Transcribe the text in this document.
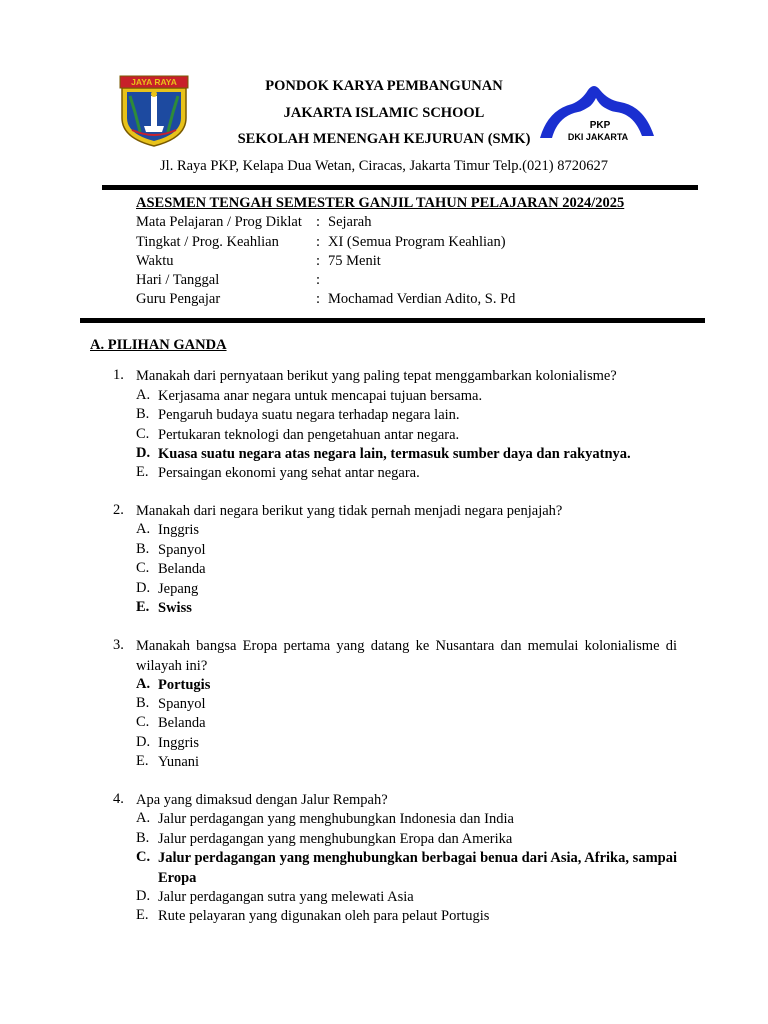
JAYA RAYA
PKP
DKI JAKARTA
PONDOK KARYA PEMBANGUNAN
JAKARTA ISLAMIC SCHOOL
SEKOLAH MENENGAH KEJURUAN (SMK)
Jl. Raya PKP, Kelapa Dua Wetan, Ciracas, Jakarta Timur Telp.(021) 8720627
ASESMEN TENGAH SEMESTER GANJIL TAHUN PELAJARAN 2024/2025
Mata Pelajaran / Prog Diklat : Sejarah
Tingkat / Prog. Keahlian	: XI (Semua Program Keahlian)
Waktu	: 75 Menit
Hari / Tanggal	:
Guru Pengajar	: Mochamad Verdian Adito, S. Pd
A. PILIHAN GANDA
1. Manakah dari pernyataan berikut yang paling tepat menggambarkan kolonialisme?
A. Kerjasama anar negara untuk mencapai tujuan bersama.
B. Pengaruh budaya suatu negara terhadap negara lain.
C. Pertukaran teknologi dan pengetahuan antar negara.
D. Kuasa suatu negara atas negara lain, termasuk sumber daya dan rakyatnya.
E. Persaingan ekonomi yang sehat antar negara.
2. Manakah dari negara berikut yang tidak pernah menjadi negara penjajah?
A. Inggris
B. Spanyol
C. Belanda
D. Jepang
E. Swiss
3. Manakah bangsa Eropa pertama yang datang ke Nusantara dan memulai kolonialisme di wilayah ini?
A. Portugis
B. Spanyol
C. Belanda
D. Inggris
E. Yunani
4. Apa yang dimaksud dengan Jalur Rempah?
A. Jalur perdagangan yang menghubungkan Indonesia dan India
B. Jalur perdagangan yang menghubungkan Eropa dan Amerika
C. Jalur perdagangan yang menghubungkan berbagai benua dari Asia, Afrika, sampai Eropa
D. Jalur perdagangan sutra yang melewati Asia
E. Rute pelayaran yang digunakan oleh para pelaut Portugis
